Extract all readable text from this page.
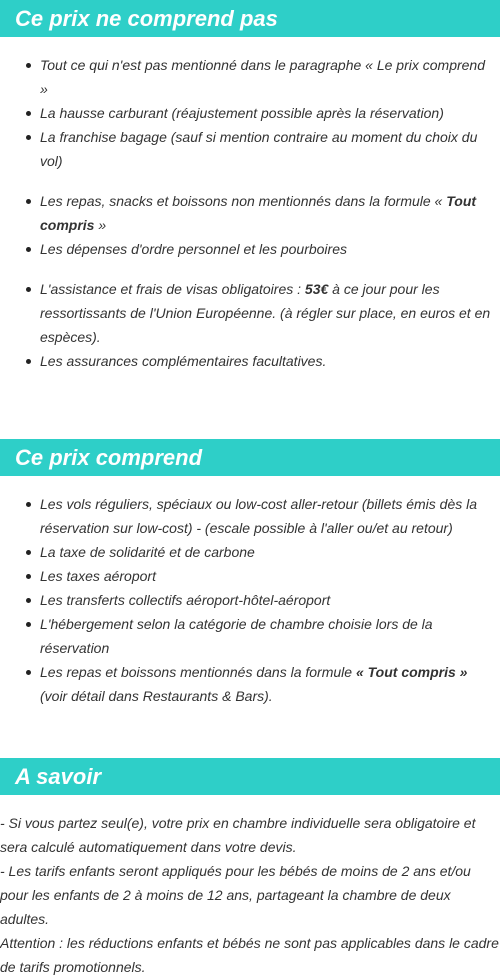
Ce prix ne comprend pas
Tout ce qui n'est pas mentionné dans le paragraphe « Le prix comprend »
La hausse carburant (réajustement possible après la réservation)
La franchise bagage (sauf si mention contraire au moment du choix du vol)
Les repas, snacks et boissons non mentionnés dans la formule « Tout compris »
Les dépenses d'ordre personnel et les pourboires
L'assistance et frais de visas obligatoires : 53€ à ce jour pour les ressortissants de l'Union Européenne. (à régler sur place, en euros et en espèces).
Les assurances complémentaires facultatives.
Ce prix comprend
Les vols réguliers, spéciaux ou low-cost aller-retour (billets émis dès la réservation sur low-cost) - (escale possible à l'aller ou/et au retour)
La taxe de solidarité et de carbone
Les taxes aéroport
Les transferts collectifs aéroport-hôtel-aéroport
L'hébergement selon la catégorie de chambre choisie lors de la réservation
Les repas et boissons mentionnés dans la formule « Tout compris » (voir détail dans Restaurants & Bars).
A savoir

- Si vous partez seul(e), votre prix en chambre individuelle sera obligatoire et sera calculé automatiquement dans votre devis.

- Les tarifs enfants seront appliqués pour les bébés de moins de 2 ans et/ou pour les enfants de 2 à moins de 12 ans, partageant la chambre de deux adultes.

Attention : les réductions enfants et bébés ne sont pas applicables dans le cadre de tarifs promotionnels.
